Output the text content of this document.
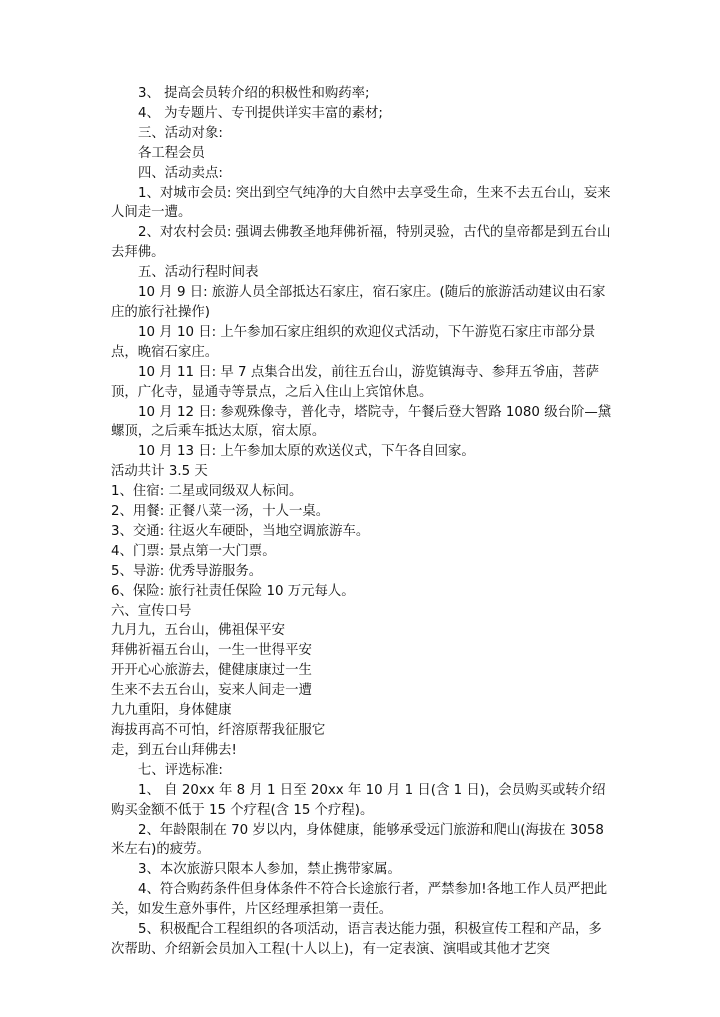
3、 提高会员转介绍的积极性和购药率;

4、 为专题片、专刊提供详实丰富的素材;

三、活动对象:

各工程会员

四、活动卖点:

1、对城市会员: 突出到空气纯净的大自然中去享受生命，生来不去五台山，妄来人间走一遭。

2、对农村会员: 强调去佛教圣地拜佛祈福，特别灵验，古代的皇帝都是到五台山去拜佛。

五、活动行程时间表

10 月 9 日: 旅游人员全部抵达石家庄，宿石家庄。(随后的旅游活动建议由石家庄的旅行社操作)

10 月 10 日: 上午参加石家庄组织的欢迎仪式活动，下午游览石家庄市部分景点，晚宿石家庄。

10 月 11 日: 早 7 点集合出发，前往五台山，游览镇海寺、参拜五爷庙，菩萨顶，广化寺，显通寺等景点，之后入住山上宾馆休息。

10 月 12 日: 参观殊像寺，普化寺，塔院寺，午餐后登大智路 1080 级台阶—黛螺顶，之后乘车抵达太原，宿太原。

10 月 13 日: 上午参加太原的欢送仪式，下午各自回家。

活动共计 3.5 天

1、住宿: 二星或同级双人标间。

2、用餐: 正餐八菜一汤，十人一桌。

3、交通: 往返火车硬卧，当地空调旅游车。

4、门票: 景点第一大门票。

5、导游: 优秀导游服务。

6、保险: 旅行社责任保险 10 万元每人。

六、宣传口号

九月九，五台山，佛祖保平安

拜佛祈福五台山，一生一世得平安

开开心心旅游去，健健康康过一生

生来不去五台山，妄来人间走一遭

九九重阳，身体健康

海拔再高不可怕，纤溶原帮我征服它

走，到五台山拜佛去!

七、评选标准:

1、 自 20xx 年 8 月 1 日至 20xx 年 10 月 1 日(含 1 日)，会员购买或转介绍购买金额不低于 15 个疗程(含 15 个疗程)。

2、年龄限制在 70 岁以内，身体健康，能够承受远门旅游和爬山(海拔在 3058 米左右)的疲劳。

3、本次旅游只限本人参加，禁止携带家属。

4、符合购药条件但身体条件不符合长途旅行者，严禁参加!各地工作人员严把此关，如发生意外事件，片区经理承担第一责任。

5、积极配合工程组织的各项活动，语言表达能力强，积极宣传工程和产品，多次帮助、介绍新会员加入工程(十人以上)，有一定表演、演唱或其他才艺突
